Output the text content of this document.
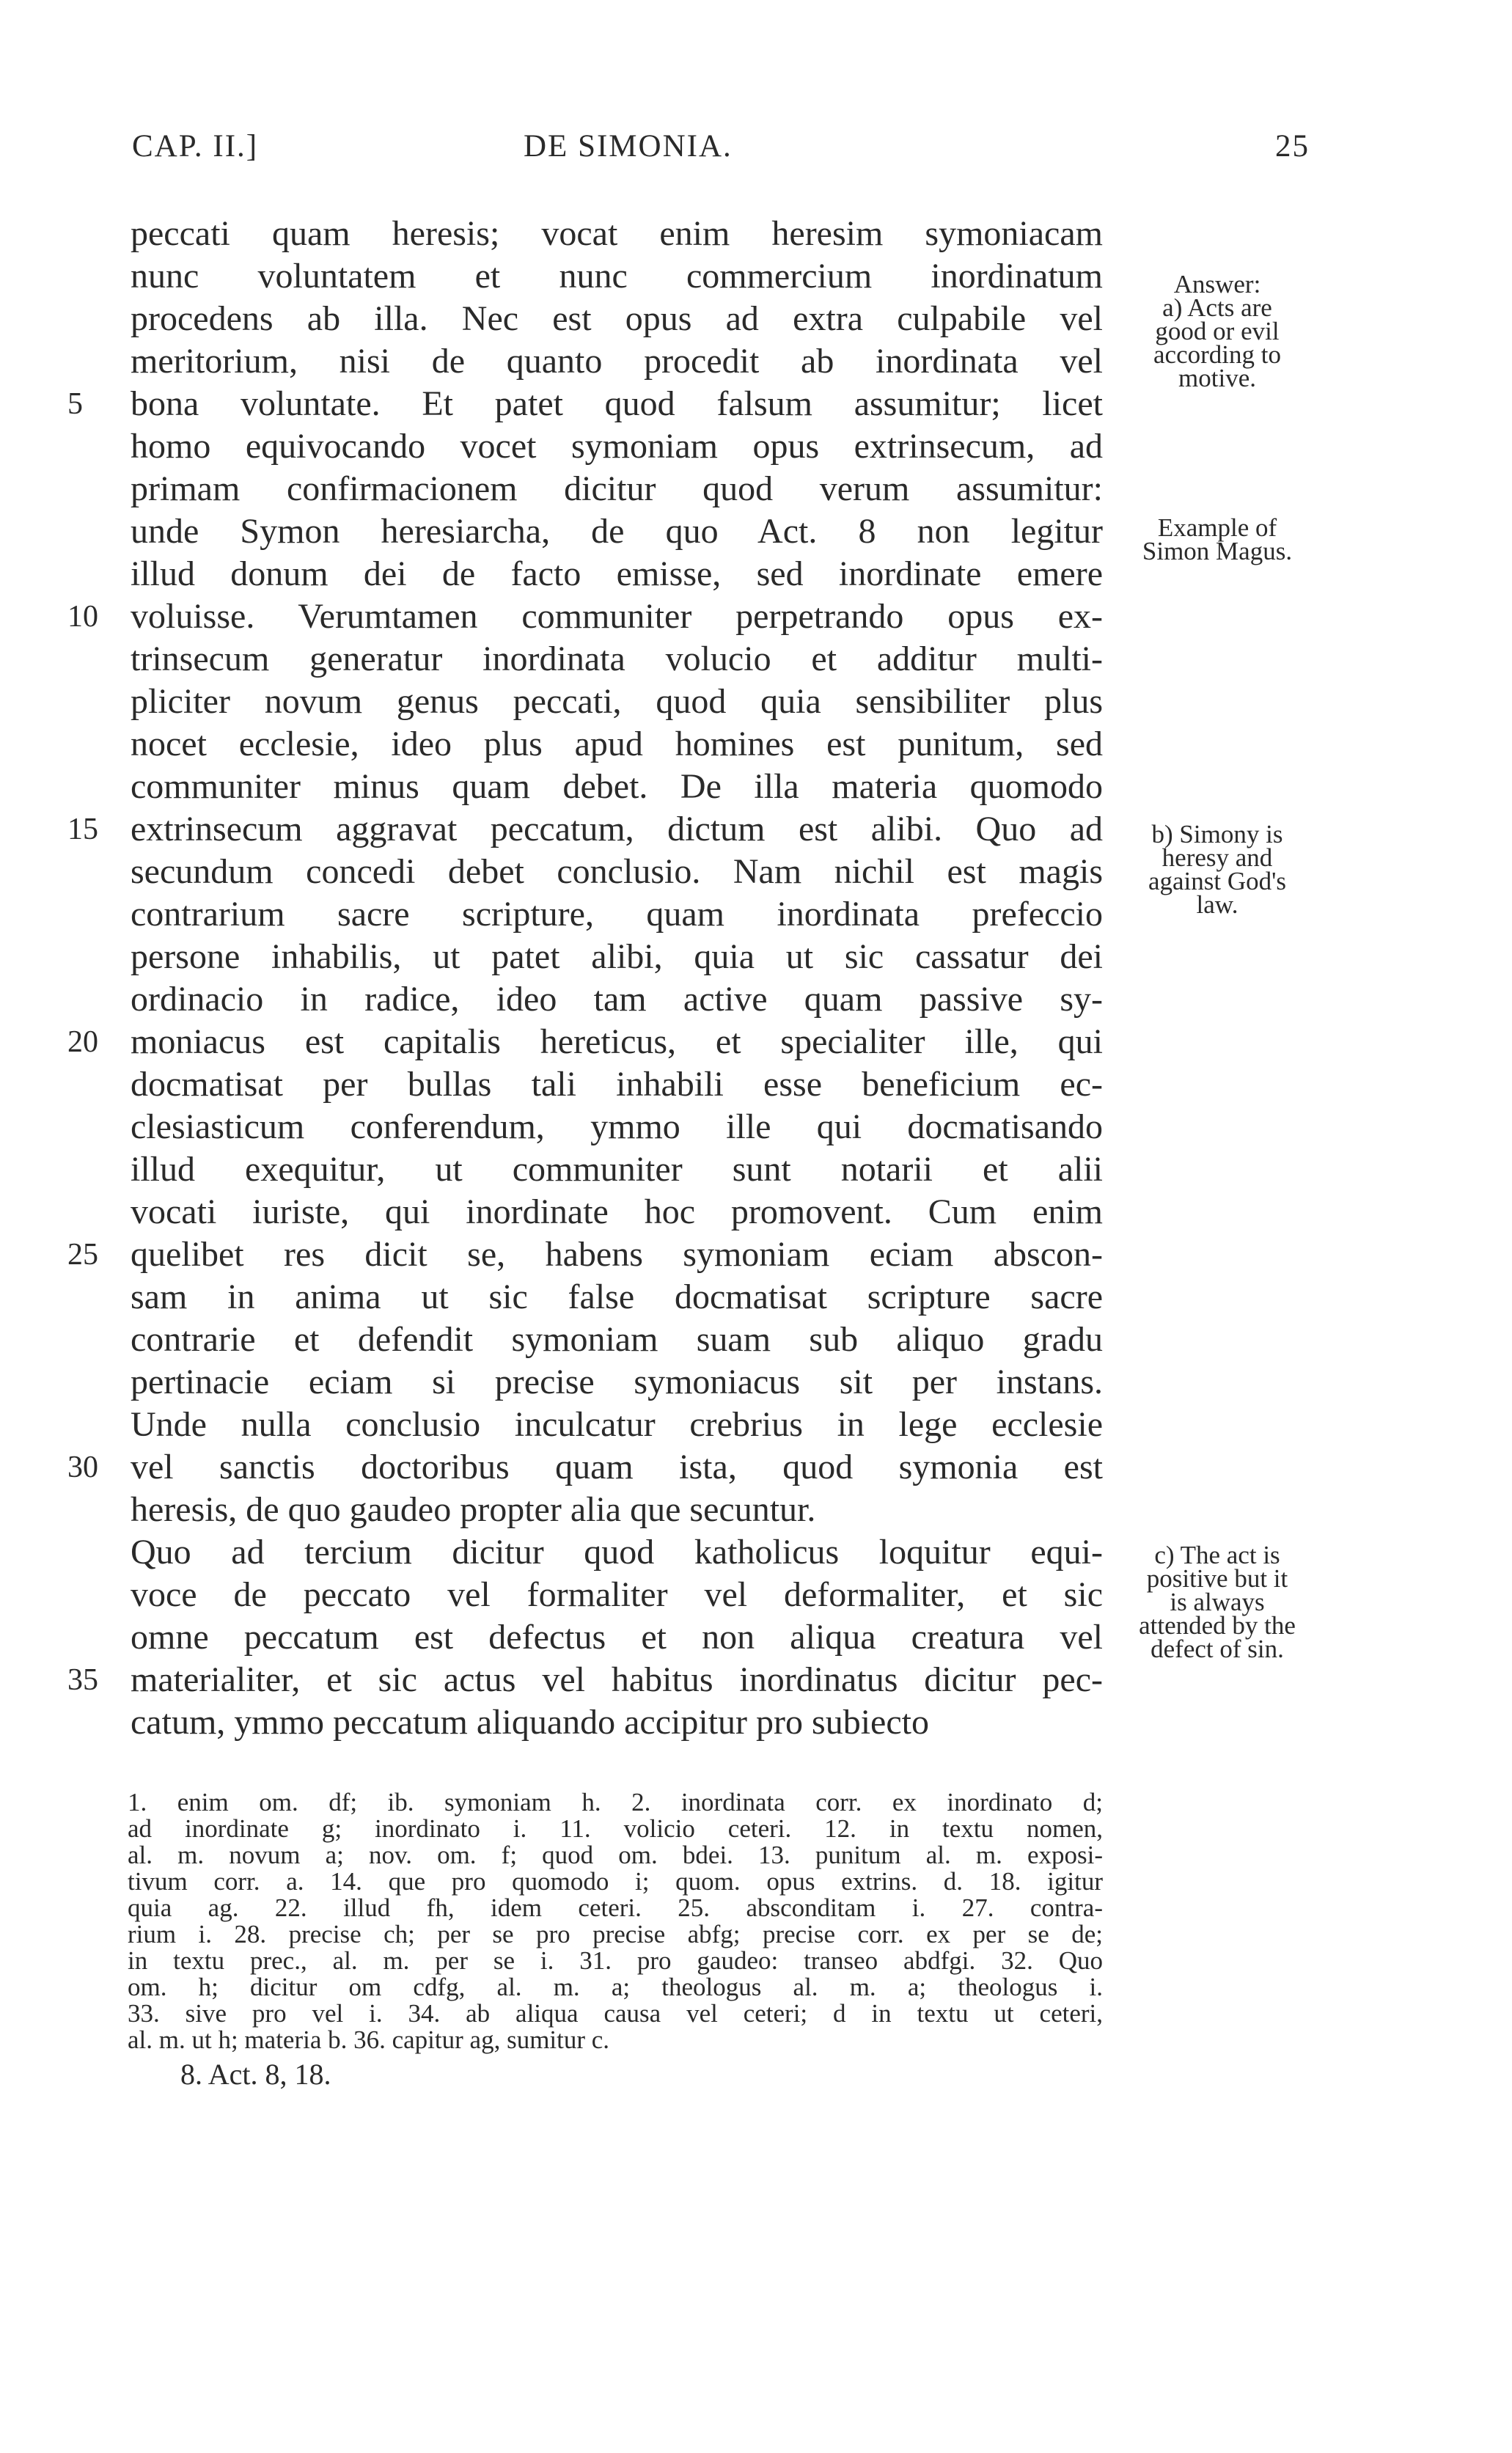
CAP. II.]	DE SIMONIA.	25
peccati quam heresis; vocat enim heresim symoniacam
nunc voluntatem et nunc commercium inordinatum
procedens ab illa. Nec est opus ad extra culpabile vel
meritorium, nisi de quanto procedit ab inordinata vel
5	bona voluntate. Et patet quod falsum assumitur; licet
homo equivocando vocet symoniam opus extrinsecum, ad
primam confirmacionem dicitur quod verum assumitur:
unde Symon heresiarcha, de quo Act. 8 non legitur
illud donum dei de facto emisse, sed inordinate emere
10 voluisse. Verumtamen communiter perpetrando opus ex-
trinsecum generatur inordinata volucio et additur multi-
pliciter novum genus peccati, quod quia sensibiliter plus
nocet ecclesie, ideo plus apud homines est punitum, sed
communiter minus quam debet. De illa materia quomodo
15 extrinsecum aggravat peccatum, dictum est alibi. Quo ad
secundum concedi debet conclusio. Nam nichil est magis
contrarium sacre scripture, quam inordinata prefeccio
persone inhabilis, ut patet alibi, quia ut sic cassatur dei
ordinacio in radice, ideo tam active quam passive sy-
20 moniacus est capitalis hereticus, et specialiter ille, qui
docmatisat per bullas tali inhabili esse beneficium ec-
clesiasticum conferendum, ymmo ille qui docmatisando
illud exequitur, ut communiter sunt notarii et alii
vocati iuriste, qui inordinate hoc promovent. Cum enim
25 quelibet res dicit se, habens symoniam eciam abscon-
sam in anima ut sic false docmatisat scripture sacre
contrarie et defendit symoniam suam sub aliquo gradu
pertinacie eciam si precise symoniacus sit per instans.
Unde nulla conclusio inculcatur crebrius in lege ecclesie
30 vel sanctis doctoribus quam ista, quod symonia est
heresis, de quo gaudeo propter alia que secuntur.
Quo ad tercium dicitur quod katholicus loquitur equi-
voce de peccato vel formaliter vel deformaliter, et sic
omne peccatum est defectus et non aliqua creatura vel
35 materialiter, et sic actus vel habitus inordinatus dicitur pec-
catum, ymmo peccatum aliquando accipitur pro subiecto
Answer:
a) Acts are
good or evil
according to
motive.
Example of
Simon Magus.
b) Simony is
heresy and
against God's
law.
c) The act is
positive but it
is always
attended by the
defect of sin.
1. enim om. df; ib. symoniam h. 2. inordinata corr. ex inordinato d;
ad inordinate g; inordinato i. 11. volicio ceteri. 12. in textu nomen,
al. m. novum a; nov. om. f; quod om. bdei. 13. punitum al. m. exposi-
tivum corr. a. 14. que pro quomodo i; quom. opus extrins. d. 18. igitur
quia ag. 22. illud fh, idem ceteri. 25. absconditam i. 27. contra-
rium i. 28. precise ch; per se pro precise abfg; precise corr. ex per se de;
in textu prec., al. m. per se i. 31. pro gaudeo: transeo abdfgi. 32. Quo
om. h; dicitur om cdfg, al. m. a; theologus al. m. a; theologus i.
33. sive pro vel i. 34. ab aliqua causa vel ceteri; d in textu ut ceteri,
al. m. ut h; materia b. 36. capitur ag, sumitur c.
8. Act. 8, 18.
